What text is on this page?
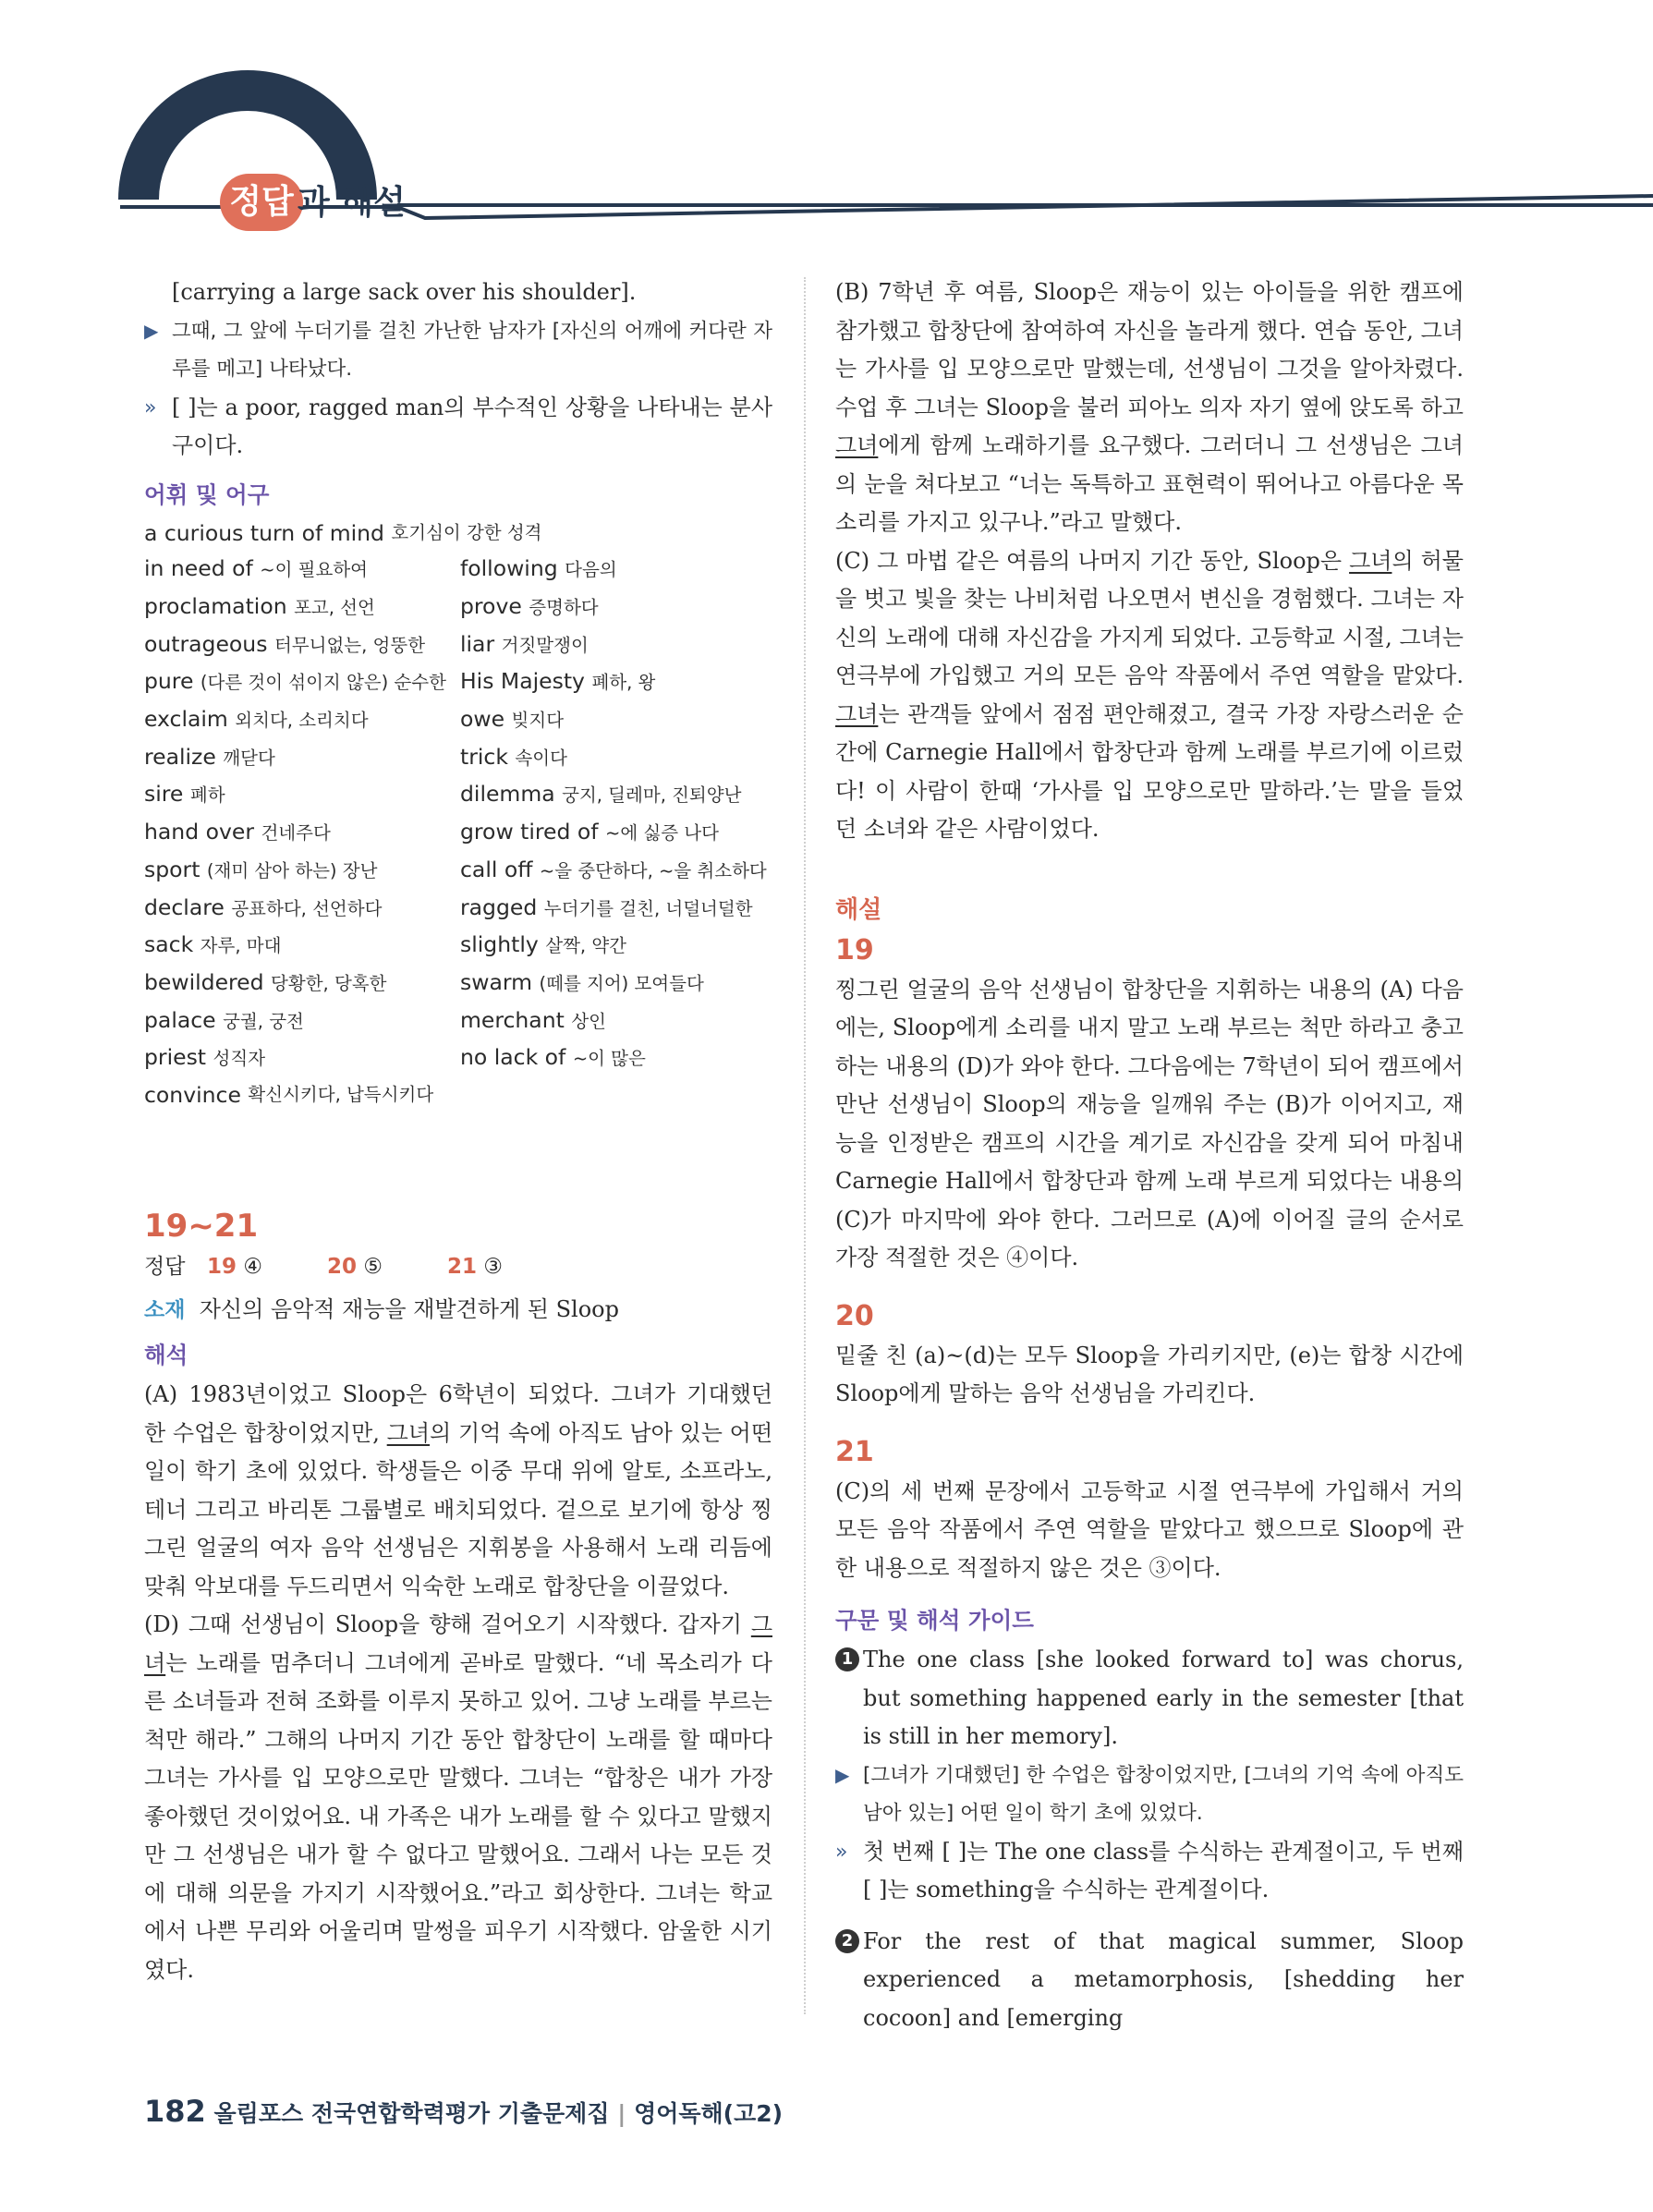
정답 과 해설

[carrying a large sack over his shoulder].

▶ 그때, 그 앞에 누더기를 걸친 가난한 남자가 [자신의 어깨에 커다란 자루를 메고] 나타났다.
» [ ]는 a poor, ragged man의 부수적인 상황을 나타내는 분사구이다.

어휘 및 어구

a curious turn of mind
호기심이 강한 성격
in need of ~이 필요하여	following 다음의
proclamation 포고, 선언	prove 증명하다
outrageous 터무니없는, 엉뚱한	liar 거짓말쟁이
pure (다른 것이 섞이지 않은) 순수한 His Majesty 폐하, 왕
exclaim 외치다, 소리치다	owe 빚지다
realize 깨닫다	trick 속이다
sire 폐하	dilemma 궁지, 딜레마, 진퇴양난
hand over 건네주다	grow tired of ~에 싫증 나다
sport (재미 삼아 하는) 장난	call off ~을 중단하다, ~을 취소하다
declare 공표하다, 선언하다	ragged 누더기를 걸친, 너덜너덜한
sack 자루, 마대	slightly 살짝, 약간
bewildered 당황한, 당혹한	swarm (떼를 지어) 모여들다
palace 궁궐, 궁전	merchant 상인
priest 성직자	no lack of ~이 많은
convince
확신시키다, 납득시키다

19~21

정답	19 ④	20 ⑤	21 ③

소재 자신의 음악적 재능을 재발견하게 된 Sloop

해석

(A) 1983년이었고 Sloop은 6학년이 되었다. 그녀가 기대했던 한 수업은 합창이었지만, 그녀의 기억 속에 아직도 남아 있는 어떤 일이 학기 초에 있었다. 학생들은 이중 무대 위에 알토, 소프라노, 테너 그리고 바리톤 그룹별로 배치되었다. 겉으로 보기에 항상 찡그린 얼굴의 여자 음악 선생님은 지휘봉을 사용해서 노래 리듬에 맞춰 악보대를 두드리면서 익숙한 노래로 합창단을 이끌었다.

(D) 그때 선생님이 Sloop을 향해 걸어오기 시작했다. 갑자기 그녀는 노래를 멈추더니 그녀에게 곧바로 말했다. “네 목소리가 다른 소녀들과 전혀 조화를 이루지 못하고 있어. 그냥 노래를 부르는 척만 해라.” 그해의 나머지 기간 동안 합창단이 노래를 할 때마다 그녀는 가사를 입 모양으로만 말했다. 그녀는 “합창은 내가 가장 좋아했던 것이었어요. 내 가족은 내가 노래를 할 수 있다고 말했지만 그 선생님은 내가 할 수 없다고 말했어요. 그래서 나는 모든 것에 대해 의문을 가지기 시작했어요.”라고 회상한다. 그녀는 학교에서 나쁜 무리와 어울리며 말썽을 피우기 시작했다. 암울한 시기였다.

(B) 7학년 후 여름, Sloop은 재능이 있는 아이들을 위한 캠프에 참가했고 합창단에 참여하여 자신을 놀라게 했다. 연습 동안, 그녀는 가사를 입 모양으로만 말했는데, 선생님이 그것을 알아차렸다. 수업 후 그녀는 Sloop을 불러 피아노 의자 자기 옆에 앉도록 하고 그녀에게 함께 노래하기를 요구했다. 그러더니 그 선생님은 그녀의 눈을 쳐다보고 “너는 독특하고 표현력이 뛰어나고 아름다운 목소리를 가지고 있구나.”라고 말했다.

(C) 그 마법 같은 여름의 나머지 기간 동안, Sloop은 그녀의 허물을 벗고 빛을 찾는 나비처럼 나오면서 변신을 경험했다. 그녀는 자신의 노래에 대해 자신감을 가지게 되었다. 고등학교 시절, 그녀는 연극부에 가입했고 거의 모든 음악 작품에서 주연 역할을 맡았다. 그녀는 관객들 앞에서 점점 편안해졌고, 결국 가장 자랑스러운 순간에 Carnegie Hall에서 합창단과 함께 노래를 부르기에 이르렀다! 이 사람이 한때 ‘가사를 입 모양으로만 말하라.’는 말을 들었던 소녀와 같은 사람이었다.

해설

19

찡그린 얼굴의 음악 선생님이 합창단을 지휘하는 내용의 (A) 다음에는, Sloop에게 소리를 내지 말고 노래 부르는 척만 하라고 충고하는 내용의 (D)가 와야 한다. 그다음에는 7학년이 되어 캠프에서 만난 선생님이 Sloop의 재능을 일깨워 주는 (B)가 이어지고, 재능을 인정받은 캠프의 시간을 계기로 자신감을 갖게 되어 마침내 Carnegie Hall에서 합창단과 함께 노래 부르게 되었다는 내용의 (C)가 마지막에 와야 한다. 그러므로 (A)에 이어질 글의 순서로 가장 적절한 것은 ④이다.

20

밑줄 친 (a)~(d)는 모두 Sloop을 가리키지만, (e)는 합창 시간에 Sloop에게 말하는 음악 선생님을 가리킨다.

21

(C)의 세 번째 문장에서 고등학교 시절 연극부에 가입해서 거의 모든 음악 작품에서 주연 역할을 맡았다고 했으므로 Sloop에 관한 내용으로 적절하지 않은 것은 ③이다.

구문 및 해석 가이드

1 The one class [she looked forward to] was chorus, but something happened early in the semester [that is still in her memory].
▶ [그녀가 기대했던] 한 수업은 합창이었지만, [그녀의 기억 속에 아직도 남아 있는] 어떤 일이 학기 초에 있었다.
» 첫 번째 [ ]는 The one class를 수식하는 관계절이고, 두 번째 [ ]는 something을 수식하는 관계절이다.
2 For the rest of that magical summer, Sloop experienced a metamorphosis, [shedding her cocoon] and [emerging
182 올림포스 전국연합학력평가 기출문제집 | 영어독해(고2)
